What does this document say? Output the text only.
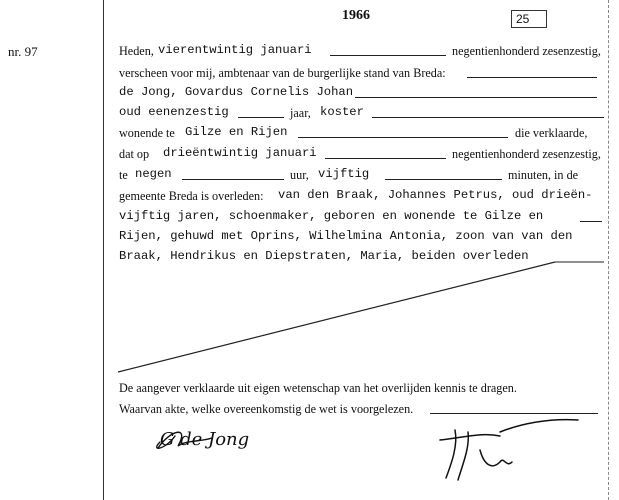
1966	25
nr. 97	Heden, vierentwintig januari	negentienhonderd zesenzestig,
verscheen voor mij, ambtenaar van de burgerlijke stand van Breda:
de Jong, Govardus Cornelis Johan
oud eenenzestig	jaar, koster
wonende te Gilze en Rijen	die verklaarde,
dat op drieëntwintig januari	negentienhonderd zesenzestig,
te negen	uur, vijftig	minuten, in de
gemeente Breda is overleden: van den Braak, Johannes Petrus, oud drieën-
vijftig jaren, schoenmaker, geboren en wonende te Gilze en
Rijen, gehuwd met Oprins, Wilhelmina Antonia, zoon van van den
Braak, Hendrikus en Diepstraten, Maria, beiden overleden
De aangever verklaarde uit eigen wetenschap van het overlijden kennis te dragen.
Waarvan akte, welke overeenkomstig de wet is voorgelezen.
G de Jong
